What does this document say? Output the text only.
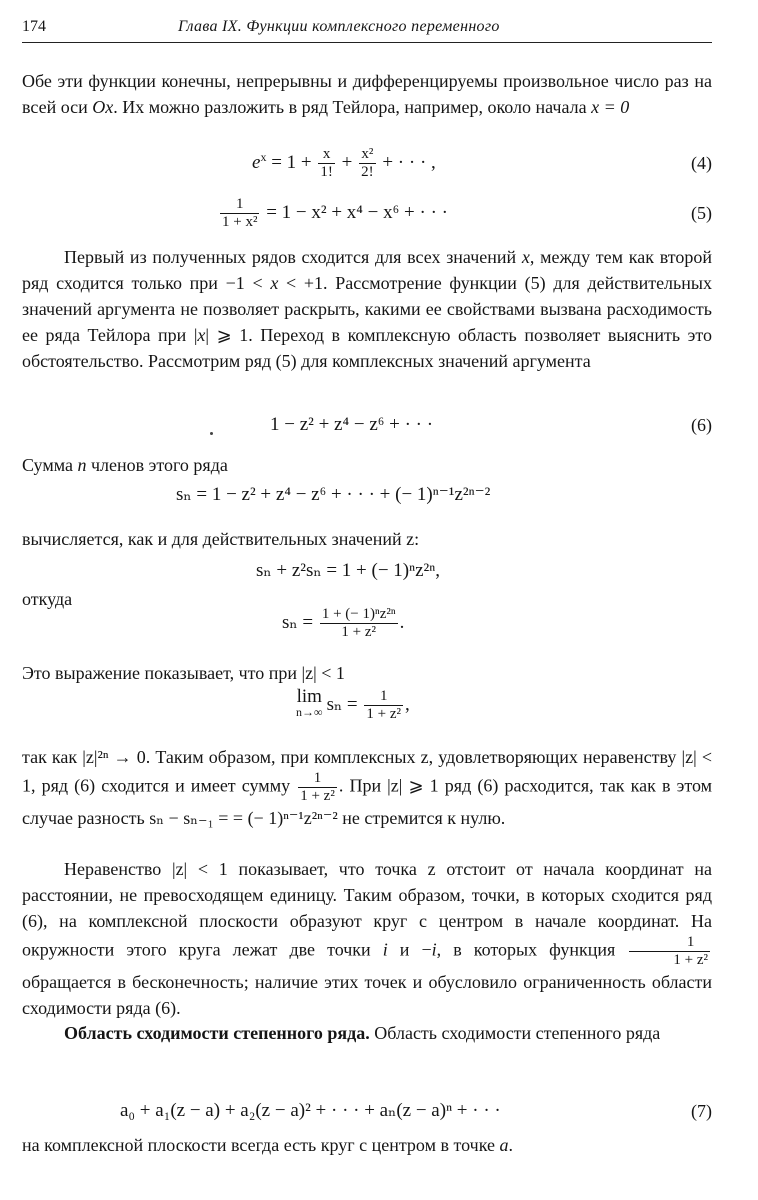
174	Глава IX. Функции комплексного переменного

Обе эти функции конечны, непрерывны и дифференцируемы произвольное число раз на всей оси Ox. Их можно разложить в ряд Тейлора, например, около начала x = 0

$e^x = 1 + \frac{x}{1!} + \frac{\text{x²}}{2!}$ + · · · ,	(4)
$\frac{1}{\text{1 + x²}} = 1 - x^2 + x^4 - x^6$ + · · ·	(5)

Первый из полученных рядов сходится для всех значений x, между тем как второй ряд сходится только при −1 < x < +1. Рассмотрение функции (5) для действительных значений аргумента не позволяет раскрыть, какими ее свойствами вызвана расходимость ее ряда Тейлора при |x| ⩾ 1. Переход в комплексную область позволяет выяснить это обстоятельство. Рассмотрим ряд (5) для комплексных значений аргумента

1 − z² + z⁴ − z⁶ + · · ·	(6)
Сумма n членов этого ряда
sₙ = 1 − z² + z⁴ − z⁶ + · · · + (− 1)ⁿ⁻¹z²ⁿ⁻²
вычисляется, как и для действительных значений z:
sₙ + z²sₙ = 1 + (− 1)ⁿz²ⁿ,
откуда
$s_n = \frac{\text{1 + (− 1)ⁿz²ⁿ}}{\text{1 + z²}}$ .
Это выражение показывает, что при |z| < 1
lim
n→∞ $s_n = \frac{1}{\text{1 + z²}}$ ,

так как |z|²ⁿ → 0. Таким образом, при комплексных z, удовлетворяющих неравенству |z| < 1, ряд (6) сходится и имеет сумму $\frac{1}{\text{1 + z²}}$ . При |z| ⩾ 1 ряд (6) расходится, так как в этом случае разность sₙ − sₙ₋₁ = = (− 1)ⁿ⁻¹z²ⁿ⁻² не стремится к нулю.

Неравенство |z| < 1 показывает, что точка z отстоит от начала координат на расстоянии, не превосходящем единицу. Таким образом, точки, в которых сходится ряд (6), на комплексной плоскости образуют круг с центром в начале координат. На окружности этого круга лежат две точки i и −i, в которых функция $\frac{1}{\text{1 + z²}}$
обращается в бесконечность; наличие этих точек и обусловило ограниченность области сходимости ряда (6).

Область сходимости степенного ряда. Область сходимости степенного ряда

a₀ + a₁(z − a) + a₂(z − a)² + · · · + aₙ(z − a)ⁿ + · · ·	(7)
на комплексной плоскости всегда есть круг с центром в точке a.
